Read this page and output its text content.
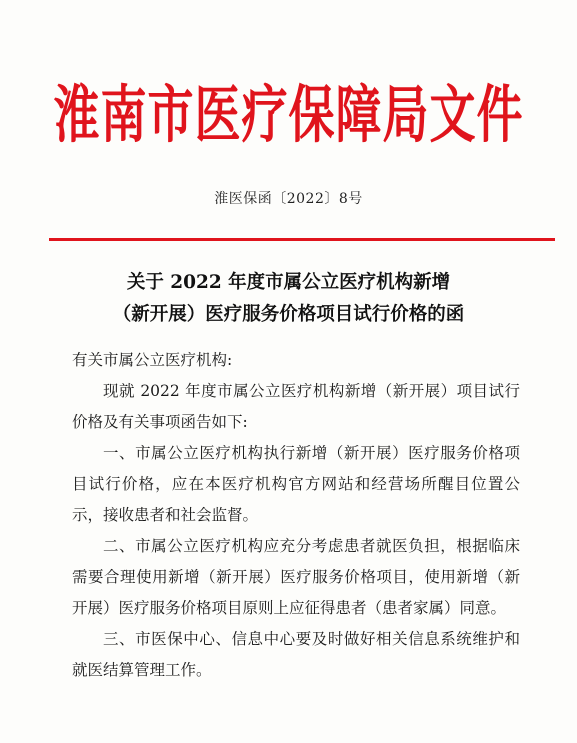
淮南市医疗保障局文件
淮医保函〔2022〕8号
关于 2022 年度市属公立医疗机构新增
（新开展）医疗服务价格项目试行价格的函
有关市属公立医疗机构:
现就 2022 年度市属公立医疗机构新增（新开展）项目试行价格及有关事项函告如下:
一、市属公立医疗机构执行新增（新开展）医疗服务价格项目试行价格，应在本医疗机构官方网站和经营场所醒目位置公示，接收患者和社会监督。
二、市属公立医疗机构应充分考虑患者就医负担，根据临床需要合理使用新增（新开展）医疗服务价格项目，使用新增（新开展）医疗服务价格项目原则上应征得患者（患者家属）同意。
三、市医保中心、信息中心要及时做好相关信息系统维护和就医结算管理工作。
